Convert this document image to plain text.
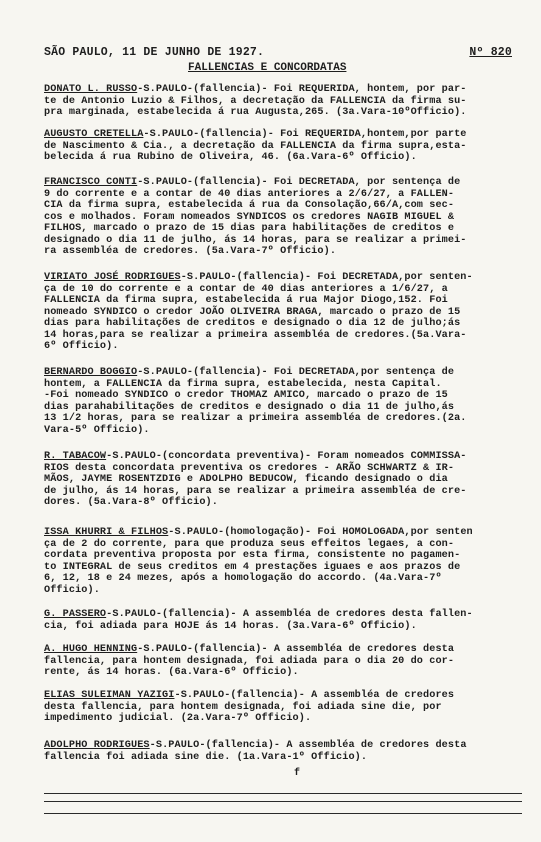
SÃO PAULO, 11 DE JUNHO DE 1927.	Nº 820
FALLENCIAS E CONCORDATAS
DONATO L. RUSSO-S.PAULO-(fallencia)- Foi REQUERIDA, hontem, por par-
te de Antonio Luzio & Filhos, a decretação da FALLENCIA da firma su-
pra marginada, estabelecida á rua Augusta,265. (3a.Vara-10ºOfficio).
AUGUSTO CRETELLA-S.PAULO-(fallencia)- Foi REQUERIDA,hontem,por parte
de Nascimento & Cia., a decretação da FALLENCIA da firma supra,esta-
belecida á rua Rubino de Oliveira, 46. (6a.Vara-6º Officio).
FRANCISCO CONTI-S.PAULO-(fallencia)- Foi DECRETADA, por sentença de
9 do corrente e a contar de 40 dias anteriores a 2/6/27, a FALLEN-
CIA da firma supra, estabelecida á rua da Consolação,66/A,com sec-
cos e molhados. Foram nomeados SYNDICOS os credores NAGIB MIGUEL &
FILHOS, marcado o prazo de 15 dias para habilitações de creditos e
designado o dia 11 de julho, ás 14 horas, para se realizar a primei-
ra assembléa de credores. (5a.Vara-7º Officio).
VIRIATO JOSÉ RODRIGUES-S.PAULO-(fallencia)- Foi DECRETADA,por senten-
ça de 10 do corrente e a contar de 40 dias anteriores a 1/6/27, a
FALLENCIA da firma supra, estabelecida á rua Major Diogo,152. Foi
nomeado SYNDICO o credor JOÃO OLIVEIRA BRAGA, marcado o prazo de 15
dias para habilitações de creditos e designado o dia 12 de julho;ás
14 horas,para se realizar a primeira assembléa de credores.(5a.Vara-
6º Officio).
BERNARDO BOGGIO-S.PAULO-(fallencia)- Foi DECRETADA,por sentença de
hontem, a FALLENCIA da firma supra, estabelecida, nesta Capital.
-Foi nomeado SYNDICO o credor THOMAZ AMICO, marcado o prazo de 15
dias parahabilitações de creditos e designado o dia 11 de julho,ás
13 1/2 horas, para se realizar a primeira assembléa de credores.(2a.
Vara-5º Officio).
R. TABACOW-S.PAULO-(concordata preventiva)- Foram nomeados COMMISSA-
RIOS desta concordata preventiva os credores - ARÃO SCHWARTZ & IR-
MÃOS, JAYME ROSENTZDIG e ADOLPHO BEDUCOW, ficando designado o dia
de julho, ás 14 horas, para se realizar a primeira assembléa de cre-
dores. (5a.Vara-8º Officio).
ISSA KHURRI & FILHOS-S.PAULO-(homologação)- Foi HOMOLOGADA,por senten
ça de 2 do corrente, para que produza seus effeitos legaes, a con-
cordata preventiva proposta por esta firma, consistente no pagamen-
to INTEGRAL de seus creditos em 4 prestações iguaes e aos prazos de
6, 12, 18 e 24 mezes, após a homologação do accordo. (4a.Vara-7º
Officio).
G. PASSERO-S.PAULO-(fallencia)- A assembléa de credores desta fallen-
cia, foi adiada para HOJE ás 14 horas. (3a.Vara-6º Officio).
A. HUGO HENNING-S.PAULO-(fallencia)- A assembléa de credores desta
fallencia, para hontem designada, foi adiada para o dia 20 do cor-
rente, ás 14 horas. (6a.Vara-6º Officio).
ELIAS SULEIMAN YAZIGI-S.PAULO-(fallencia)- A assembléa de credores
desta fallencia, para hontem designada, foi adiada sine die, por
impedimento judicial. (2a.Vara-7º Officio).
ADOLPHO RODRIGUES-S.PAULO-(fallencia)- A assembléa de credores desta
fallencia foi adiada sine die. (1a.Vara-1º Officio).
f
